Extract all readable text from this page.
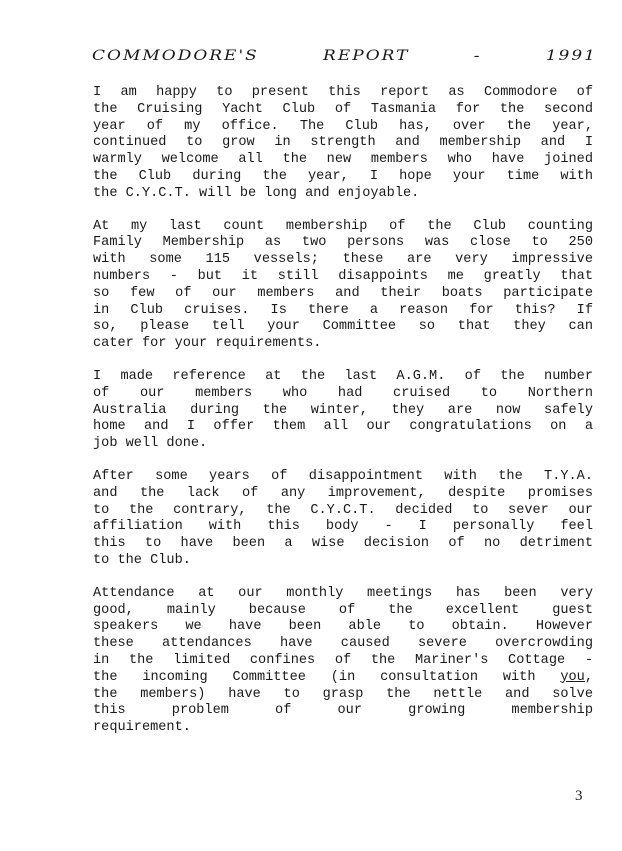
COMMODORE'S REPORT - 1991
I am happy to present this report as Commodore of
the Cruising Yacht Club of Tasmania for the second
year of my office. The Club has, over the year,
continued to grow in strength and membership and I
warmly welcome all the new members who have joined
the Club during the year, I hope your time with
the C.Y.C.T. will be long and enjoyable.
At my last count membership of the Club counting
Family Membership as two persons was close to 250
with some 115 vessels; these are very impressive
numbers - but it still disappoints me greatly that
so few of our members and their boats participate
in Club cruises. Is there a reason for this? If
so, please tell your Committee so that they can
cater for your requirements.
I made reference at the last A.G.M. of the number
of our members who had cruised to Northern
Australia during the winter, they are now safely
home and I offer them all our congratulations on a
job well done.
After some years of disappointment with the T.Y.A.
and the lack of any improvement, despite promises
to the contrary, the C.Y.C.T. decided to sever our
affiliation with this body - I personally feel
this to have been a wise decision of no detriment
to the Club.
Attendance at our monthly meetings has been very
good, mainly because of the excellent guest
speakers we have been able to obtain. However
these attendances have caused severe overcrowding
in the limited confines of the Mariner's Cottage -
the incoming Committee (in consultation with you,
the members) have to grasp the nettle and solve
this problem of our growing membership
requirement.
3
